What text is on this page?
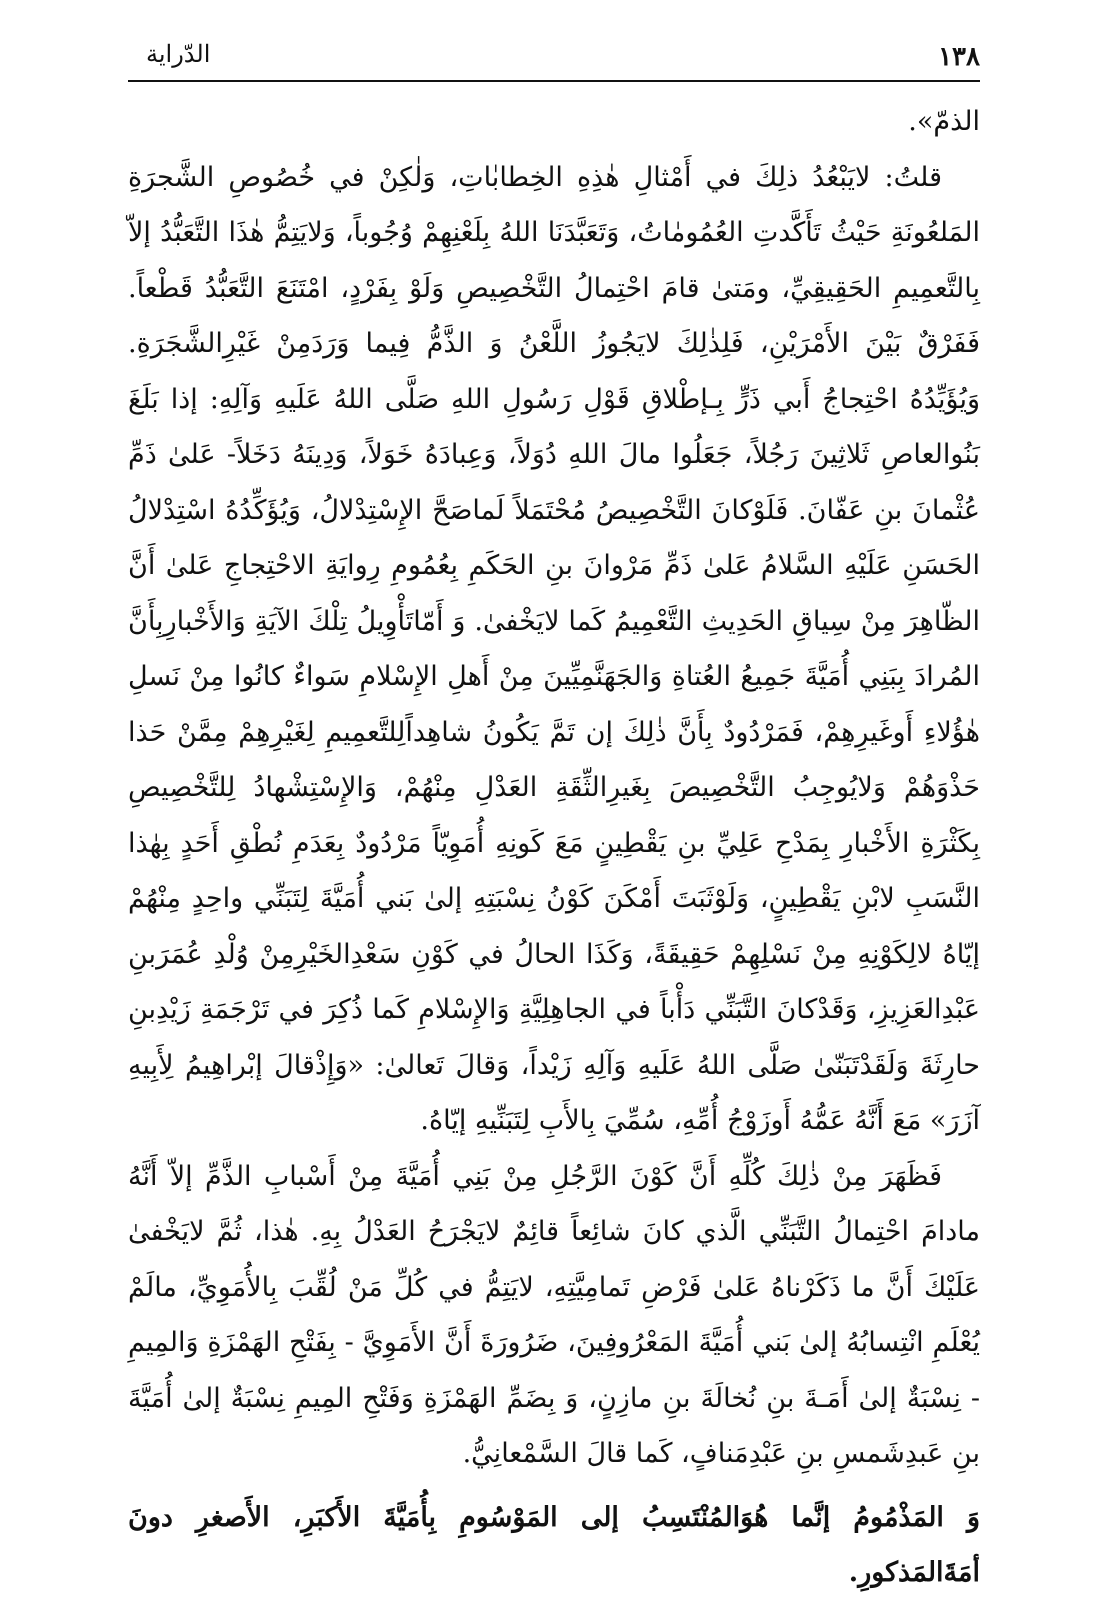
١٣٨
الدّراية

الذمّ».

قلتُ: لايَبْعُدُ ذلِكَ في أَمْثالِ هٰذِهِ الخِطابٰاتِ، وَلٰكِنْ في خُصُوصِ الشَّجرَةِ المَلعُونَةِ حَيْثُ تَأَكَّدتِ العُمُومٰاتُ، وَتَعَبَّدَنَا اللهُ بِلَعْنِهِمْ وُجُوباً، وَلايَتِمُّ هٰذَا التَّعَبُّدُ إلاّ بِالتَّعمِيمِ الحَقِيقِيِّ، ومَتىٰ قامَ احْتِمالُ التَّخْصِيصِ وَلَوْ بِفَرْدٍ، امْتَنَعَ التَّعَبُّدُ قَطْعاً. فَفَرْقٌ بَيْنَ الأَمْرَيْنِ، فَلِذٰلِكَ لايَجُوزُ اللَّعْنُ وَ الذَّمُّ فِيما وَرَدَمِنْ غَيْرِالشَّجَرَةِ. وَيُؤَيِّدُهُ احْتِجاجُ أَبي ذَرٍّ بِـإطْلاقِ قَوْلِ رَسُولِ اللهِ صَلَّى اللهُ عَلَيهِ وَآلِهِ: إذا بَلَغَ بَنُوالعاصِ ثَلاثِينَ رَجُلاً، جَعَلُوا مالَ اللهِ دُوَلاً، وَعِبادَهُ خَوَلاً، وَدِينَهُ دَخَلاً- عَلىٰ ذَمِّ عُثْمانَ بنِ عَفّانَ. فَلَوْكانَ التَّخْصِيصُ مُحْتَمَلاً لَماصَحَّ الإِسْتِدْلالُ، وَيُؤَكِّدُهُ اسْتِدْلالُ الحَسَنِ عَلَيْهِ السَّلامُ عَلىٰ ذَمِّ مَرْوانَ بنِ الحَكَمِ بِعُمُومِ رِوايَةِ الاحْتِجاجِ عَلىٰ أَنَّ الظّاهِرَ مِنْ سِياقِ الحَدِيثِ التَّعْمِيمُ كَما لايَخْفىٰ. وَ أَمّاتَأْوِيلُ تِلْكَ الآيَةِ وَالأَخْبارِبِأَنَّ المُرادَ بِبَنِي أُمَيَّةَ جَمِيعُ العُتاةِ وَالجَهَنَّمِيِّينَ مِنْ أَهلِ الإِسْلامِ سَواءٌ كانُوا مِنْ نَسلِ هٰؤُلاءِ أَوغَيرِهِمْ، فَمَرْدُودٌ بِأَنَّ ذٰلِكَ إن تَمَّ يَكُونُ شاهِداًلِلتَّعمِيمِ لِغَيْرِهِمْ مِمَّنْ حَذا حَذْوَهُمْ وَلايُوجِبُ التَّخْصِيصَ بِغَيرِالثِّقَةِ العَدْلِ مِنْهُمْ، وَالإِسْتِشْهادُ لِلتَّخْصِيصِ بِكَثْرَةِ الأَخْبارِ بِمَدْحِ عَلِيِّ بنِ يَقْطِينٍ مَعَ كَونِهِ أُمَوِيّاً مَرْدُودٌ بِعَدَمِ نُطْقِ أَحَدٍ بِهٰذا النَّسَبِ لابْنِ يَقْطِينٍ، وَلَوْثَبَتَ أَمْكَنَ كَوْنُ نِسْبَتِهِ إلىٰ بَني أُمَيَّةَ لِتَبَنِّي واحِدٍ مِنْهُمْ إيّاهُ لالِكَوْنِهِ مِنْ نَسْلِهِمْ حَقِيقَةً، وَكَذَا الحالُ في كَوْنِ سَعْدِالخَيْرِمِنْ وُلْدِ عُمَرَبنِ عَبْدِالعَزِيزِ، وَقَدْكانَ التَّبَنِّي دَأْباً في الجاهِلِيَّةِ وَالإِسْلامِ كَما ذُكِرَ في تَرْجَمَةِ زَيْدِبنِ حارِثَةَ وَلَقَدْتَبَنّىٰ صَلَّى اللهُ عَلَيهِ وَآلِهِ زَيْداً، وَقالَ تَعالىٰ: «وَإِذْقالَ إبْراهِيمُ لِأَبِيهِ آزَرَ» مَعَ أَنَّهُ عَمُّهُ أَوزَوْجُ أُمِّهِ، سُمِّيَ بِالأَبِ لِتَبَنِّيهِ إيّاهُ.

فَظَهَرَ مِنْ ذٰلِكَ كُلِّهِ أَنَّ كَوْنَ الرَّجُلِ مِنْ بَنِي أُمَيَّةَ مِنْ أَسْبابِ الذَّمِّ إلاّ أَنَّهُ مادامَ احْتِمالُ التَّبَنِّي الَّذي كانَ شائِعاً قائِمٌ لايَجْرَحُ العَدْلُ بِهِ. هٰذا، ثُمَّ لايَخْفىٰ عَلَيْكَ أَنَّ ما ذَكَرْناهُ عَلىٰ فَرْضِ تَمامِيَّتِهِ، لايَتِمُّ في كُلِّ مَنْ لُقِّبَ بِالأُمَوِيِّ، مالَمْ يُعْلَمِ انْتِسابُهُ إلىٰ بَني أُمَيَّةَ المَعْرُوفِينَ، ضَرُورَةَ أَنَّ الأَمَوِيَّ - بِفَتْحِ الهَمْزَةِ وَالمِيمِ - نِسْبَةٌ إلىٰ أَمَـةَ بنِ نُخالَةَ بنِ مازِنٍ، وَ بِضَمِّ الهَمْزَةِ وَفَتْحِ المِيمِ نِسْبَةٌ إلىٰ أُمَيَّةَ بنِ عَبدِشَمسِ بنِ عَبْدِمَنافٍ، كَما قالَ السَّمْعانِيُّ.

وَ المَذْمُومُ إنَّما هُوَالمُنْتَسِبُ إلى المَوْسُومِ بِأُمَيَّةَ الأَكبَرِ، الأَصغرِ دونَ أمَةَالمَذكورِ.
